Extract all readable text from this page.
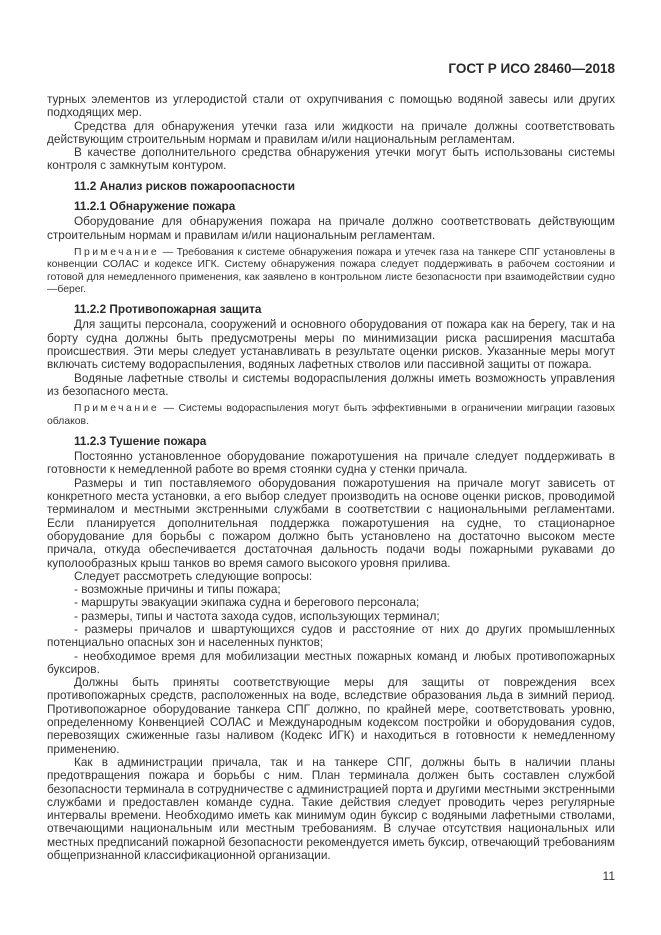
ГОСТ Р ИСО 28460—2018
турных элементов из углеродистой стали от охрупчивания с помощью водяной завесы или других подходящих мер.
Средства для обнаружения утечки газа или жидкости на причале должны соответствовать действующим строительным нормам и правилам и/или национальным регламентам.
В качестве дополнительного средства обнаружения утечки могут быть использованы системы контроля с замкнутым контуром.
11.2 Анализ рисков пожароопасности
11.2.1 Обнаружение пожара
Оборудование для обнаружения пожара на причале должно соответствовать действующим строительным нормам и правилам и/или национальным регламентам.
Примечание — Требования к системе обнаружения пожара и утечек газа на танкере СПГ установлены в конвенции СОЛАС и кодексе ИГК. Систему обнаружения пожара следует поддерживать в рабочем состоянии и готовой для немедленного применения, как заявлено в контрольном листе безопасности при взаимодействии судно—берег.
11.2.2 Противопожарная защита
Для защиты персонала, сооружений и основного оборудования от пожара как на берегу, так и на борту судна должны быть предусмотрены меры по минимизации риска расширения масштаба происшествия. Эти меры следует устанавливать в результате оценки рисков. Указанные меры могут включать систему водораспыления, водяных лафетных стволов или пассивной защиты от пожара.
Водяные лафетные стволы и системы водораспыления должны иметь возможность управления из безопасного места.
Примечание — Системы водораспыления могут быть эффективными в ограничении миграции газовых облаков.
11.2.3 Тушение пожара
Постоянно установленное оборудование пожаротушения на причале следует поддерживать в готовности к немедленной работе во время стоянки судна у стенки причала.
Размеры и тип поставляемого оборудования пожаротушения на причале могут зависеть от конкретного места установки, а его выбор следует производить на основе оценки рисков, проводимой терминалом и местными экстренными службами в соответствии с национальными регламентами. Если планируется дополнительная поддержка пожаротушения на судне, то стационарное оборудование для борьбы с пожаром должно быть установлено на достаточно высоком месте причала, откуда обеспечивается достаточная дальность подачи воды пожарными рукавами до куполообразных крыш танков во время самого высокого уровня прилива.
Следует рассмотреть следующие вопросы:
- возможные причины и типы пожара;
- маршруты эвакуации экипажа судна и берегового персонала;
- размеры, типы и частота захода судов, использующих терминал;
- размеры причалов и швартующихся судов и расстояние от них до других промышленных потенциально опасных зон и населенных пунктов;
- необходимое время для мобилизации местных пожарных команд и любых противопожарных буксиров.
Должны быть приняты соответствующие меры для защиты от повреждения всех противопожарных средств, расположенных на воде, вследствие образования льда в зимний период. Противопожарное оборудование танкера СПГ должно, по крайней мере, соответствовать уровню, определенному Конвенцией СОЛАС и Международным кодексом постройки и оборудования судов, перевозящих сжиженные газы наливом (Кодекс ИГК) и находиться в готовности к немедленному применению.
Как в администрации причала, так и на танкере СПГ, должны быть в наличии планы предотвращения пожара и борьбы с ним. План терминала должен быть составлен службой безопасности терминала в сотрудничестве с администрацией порта и другими местными экстренными службами и предоставлен команде судна. Такие действия следует проводить через регулярные интервалы времени. Необходимо иметь как минимум один буксир с водяными лафетными стволами, отвечающими национальным или местным требованиям. В случае отсутствия национальных или местных предписаний пожарной безопасности рекомендуется иметь буксир, отвечающий требованиям общепризнанной классификационной организации.
11
